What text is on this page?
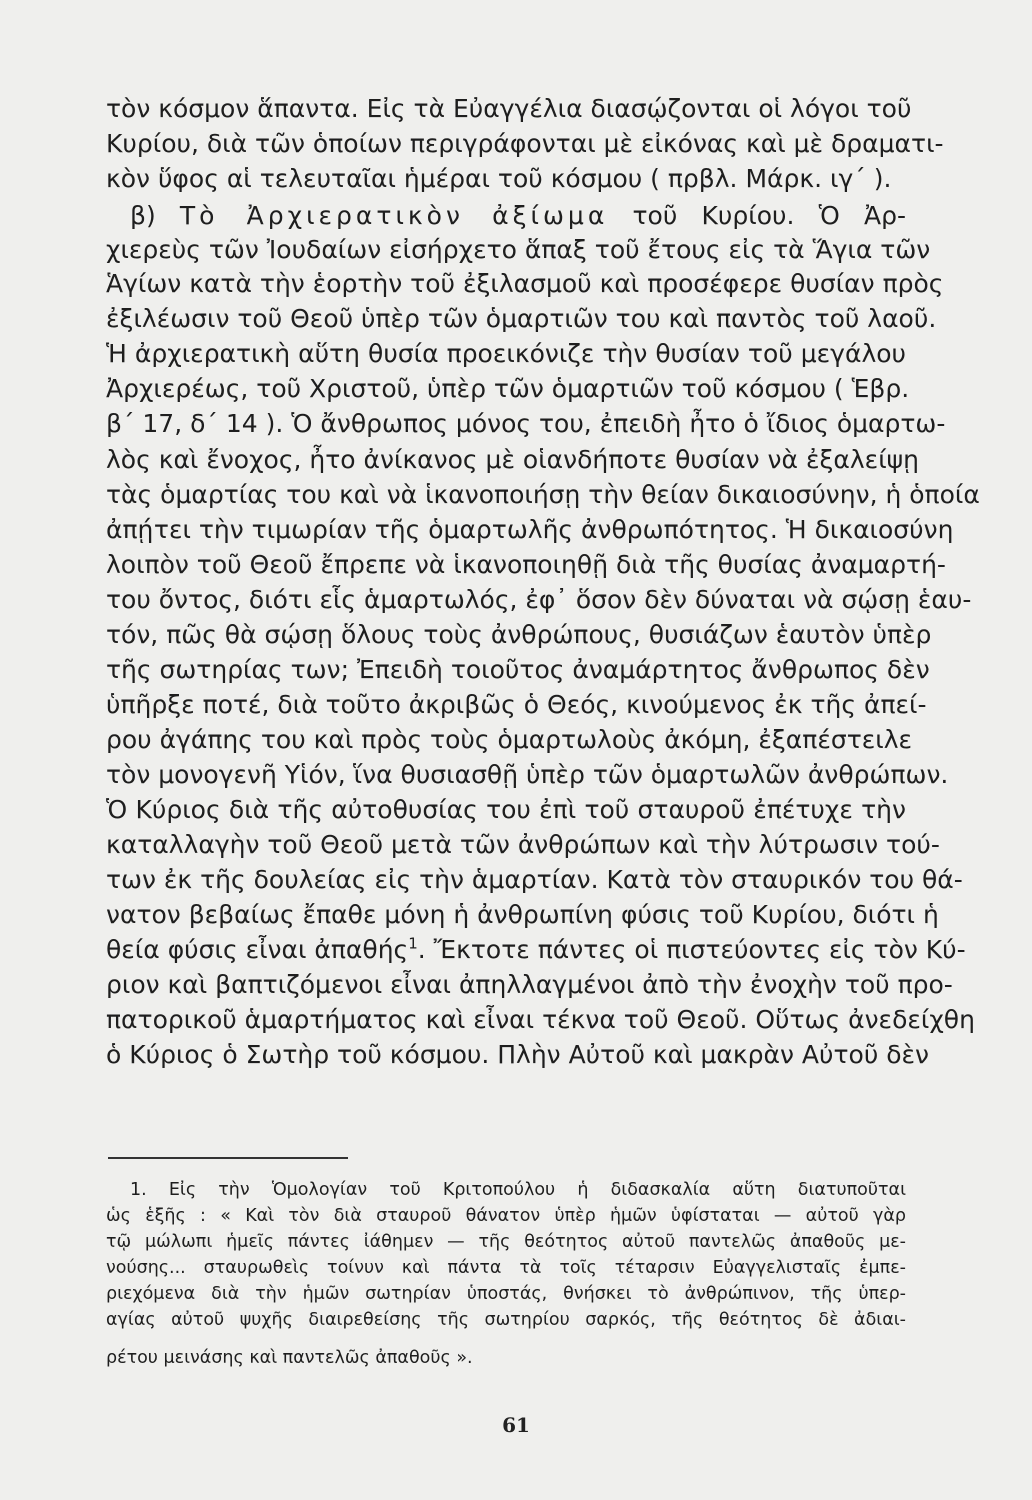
τὸν κόσμον ἅπαντα. Εἰς τὰ Εὐαγγέλια διασῴζονται οἱ λόγοι τοῦ
Κυρίου, διὰ τῶν ὁποίων περιγράφονται μὲ εἰκόνας καὶ μὲ δραματι-
κὸν ὕφος αἱ τελευταῖαι ἡμέραι τοῦ κόσμου ( πρβλ. Μάρκ. ιγ΄ ).
β) Τὸ Ἀρχιερατικὸν ἀξίωμα τοῦ Κυρίου. Ὁ Ἀρ-
χιερεὺς τῶν Ἰουδαίων εἰσήρχετο ἅπαξ τοῦ ἔτους εἰς τὰ Ἅγια τῶν
Ἁγίων κατὰ τὴν ἑορτὴν τοῦ ἐξιλασμοῦ καὶ προσέφερε θυσίαν πρὸς
ἐξιλέωσιν τοῦ Θεοῦ ὑπὲρ τῶν ὁμαρτιῶν του καὶ παντὸς τοῦ λαοῦ.
Ἡ ἀρχιερατικὴ αὕτη θυσία προεικόνιζε τὴν θυσίαν τοῦ μεγάλου
Ἀρχιερέως, τοῦ Χριστοῦ, ὑπὲρ τῶν ὁμαρτιῶν τοῦ κόσμου ( Ἑβρ.
β΄ 17, δ΄ 14 ). Ὁ ἄνθρωπος μόνος του, ἐπειδὴ ἦτο ὁ ἴδιος ὁμαρτω-
λὸς καὶ ἔνοχος, ἦτο ἀνίκανος μὲ οἱανδήποτε θυσίαν νὰ ἐξαλείψῃ
τὰς ὁμαρτίας του καὶ νὰ ἱκανοποιήσῃ τὴν θείαν δικαιοσύνην, ἡ ὁποία
ἀπῄτει τὴν τιμωρίαν τῆς ὁμαρτωλῆς ἀνθρωπότητος. Ἡ δικαιοσύνη
λοιπὸν τοῦ Θεοῦ ἔπρεπε νὰ ἱκανοποιηθῇ διὰ τῆς θυσίας ἀναμαρτή-
του ὄντος, διότι εἷς ἁμαρτωλός, ἐφ᾿ ὅσον δὲν δύναται νὰ σῴσῃ ἑαυ-
τόν, πῶς θὰ σῴσῃ ὅλους τοὺς ἀνθρώπους, θυσιάζων ἑαυτὸν ὑπὲρ
τῆς σωτηρίας των; Ἐπειδὴ τοιοῦτος ἀναμάρτητος ἄνθρωπος δὲν
ὑπῆρξε ποτέ, διὰ τοῦτο ἀκριβῶς ὁ Θεός, κινούμενος ἐκ τῆς ἀπεί-
ρου ἀγάπης του καὶ πρὸς τοὺς ὁμαρτωλοὺς ἀκόμη, ἐξαπέστειλε
τὸν μονογενῆ Υἱόν, ἵνα θυσιασθῇ ὑπὲρ τῶν ὁμαρτωλῶν ἀνθρώπων.
Ὁ Κύριος διὰ τῆς αὐτοθυσίας του ἐπὶ τοῦ σταυροῦ ἐπέτυχε τὴν
καταλλαγὴν τοῦ Θεοῦ μετὰ τῶν ἀνθρώπων καὶ τὴν λύτρωσιν τού-
των ἐκ τῆς δουλείας εἰς τὴν ἁμαρτίαν. Κατὰ τὸν σταυρικόν του θά-
νατον βεβαίως ἔπαθε μόνη ἡ ἀνθρωπίνη φύσις τοῦ Κυρίου, διότι ἡ
θεία φύσις εἶναι ἀπαθής$^1$. Ἔκτοτε πάντες οἱ πιστεύοντες εἰς τὸν Κύ-
ριον καὶ βαπτιζόμενοι εἶναι ἀπηλλαγμένοι ἀπὸ τὴν ἐνοχὴν τοῦ προ-
πατορικοῦ ἁμαρτήματος καὶ εἶναι τέκνα τοῦ Θεοῦ. Οὕτως ἀνεδείχθη
ὁ Κύριος ὁ Σωτὴρ τοῦ κόσμου. Πλὴν Αὐτοῦ καὶ μακρὰν Αὐτοῦ δὲν
1. Εἰς τὴν Ὁμολογίαν τοῦ Κριτοπούλου ἡ διδασκαλία αὕτη διατυποῦται
ὡς ἑξῆς : « Καὶ τὸν διὰ σταυροῦ θάνατον ὑπὲρ ἡμῶν ὑφίσταται — αὐτοῦ γὰρ
τῷ μώλωπι ἡμεῖς πάντες ἰάθημεν — τῆς θεότητος αὐτοῦ παντελῶς ἀπαθοῦς με-
νούσης... σταυρωθεὶς τοίνυν καὶ πάντα τὰ τοῖς τέταρσιν Εὐαγγελισταῖς ἐμπε-
ριεχόμενα διὰ τὴν ἡμῶν σωτηρίαν ὑποστάς, θνήσκει τὸ ἀνθρώπινον, τῆς ὑπερ-
αγίας αὐτοῦ ψυχῆς διαιρεθείσης τῆς σωτηρίου σαρκός, τῆς θεότητος δὲ ἀδιαι-
ρέτου μεινάσης καὶ παντελῶς ἀπαθοῦς ».
61
